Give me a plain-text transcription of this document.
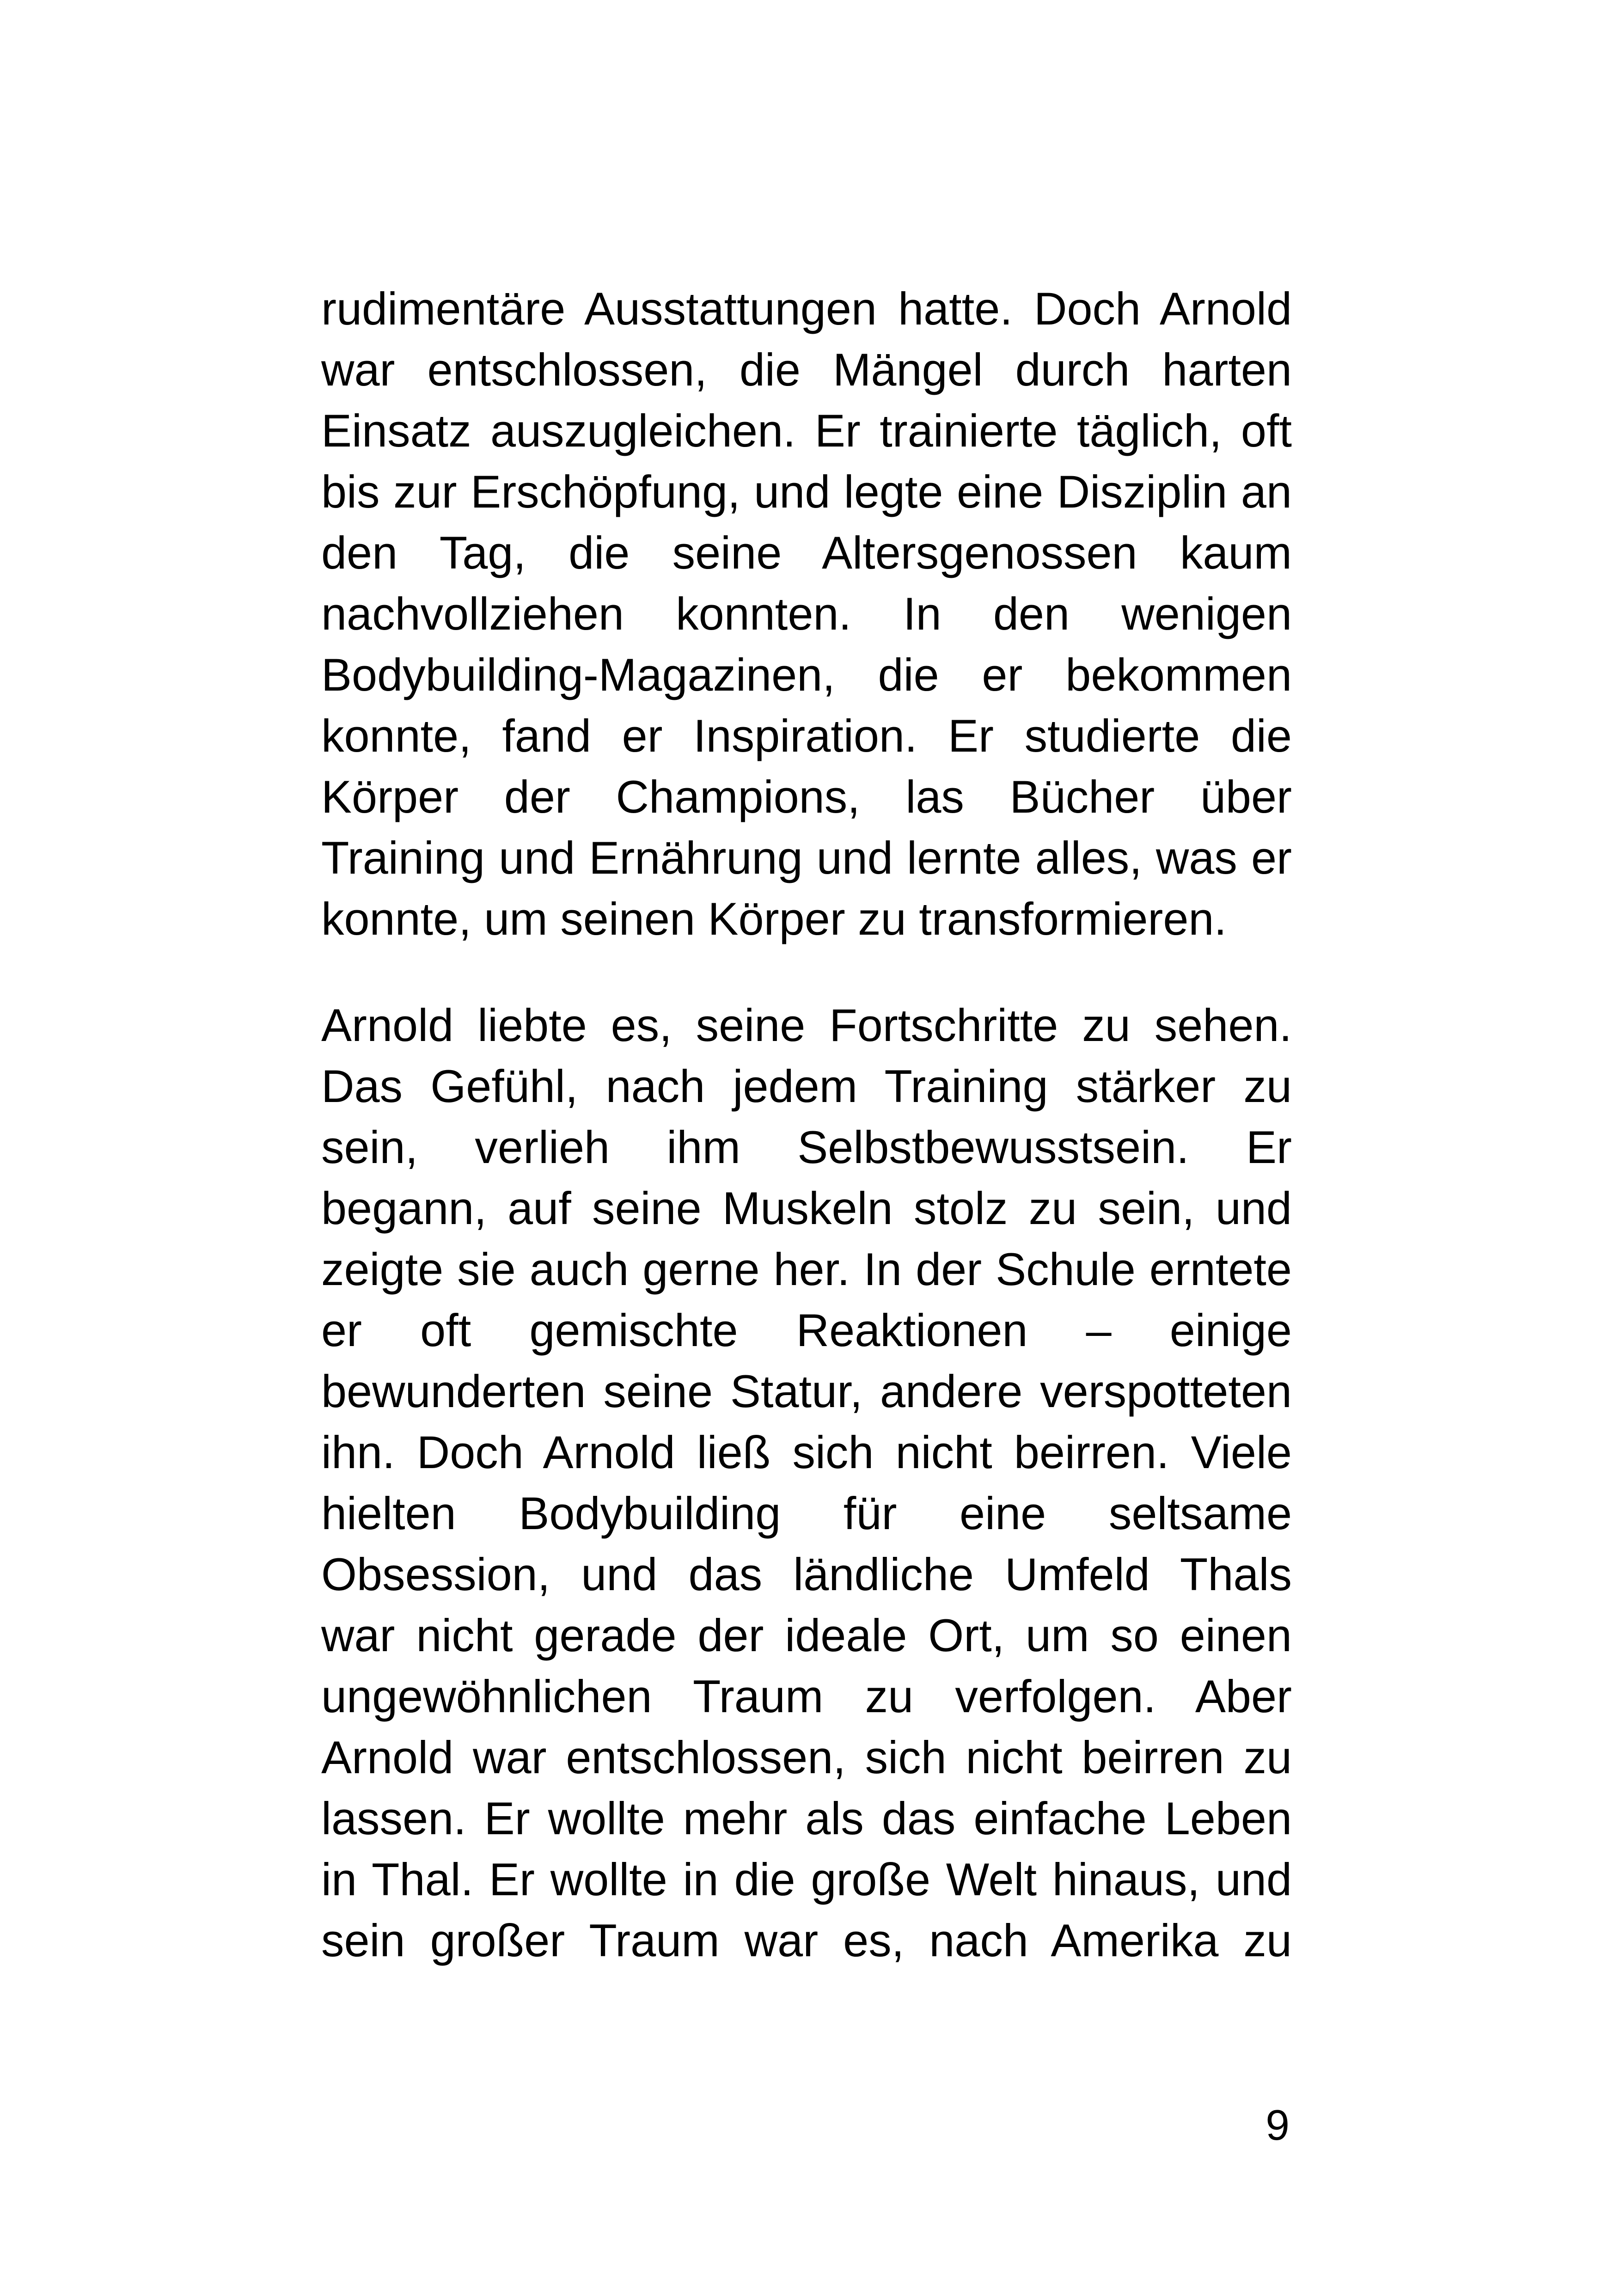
rudimentäre Ausstattungen hatte. Doch Arnold
war entschlossen, die Mängel durch harten
Einsatz auszugleichen. Er trainierte täglich, oft
bis zur Erschöpfung, und legte eine Disziplin an
den Tag, die seine Altersgenossen kaum
nachvollziehen konnten. In den wenigen
Bodybuilding-Magazinen, die er bekommen
konnte, fand er Inspiration. Er studierte die
Körper der Champions, las Bücher über
Training und Ernährung und lernte alles, was er
konnte, um seinen Körper zu transformieren.
Arnold liebte es, seine Fortschritte zu sehen.
Das Gefühl, nach jedem Training stärker zu
sein, verlieh ihm Selbstbewusstsein. Er
begann, auf seine Muskeln stolz zu sein, und
zeigte sie auch gerne her. In der Schule erntete
er oft gemischte Reaktionen – einige
bewunderten seine Statur, andere verspotteten
ihn. Doch Arnold ließ sich nicht beirren. Viele
hielten Bodybuilding für eine seltsame
Obsession, und das ländliche Umfeld Thals
war nicht gerade der ideale Ort, um so einen
ungewöhnlichen Traum zu verfolgen. Aber
Arnold war entschlossen, sich nicht beirren zu
lassen. Er wollte mehr als das einfache Leben
in Thal. Er wollte in die große Welt hinaus, und
sein großer Traum war es, nach Amerika zu
9
